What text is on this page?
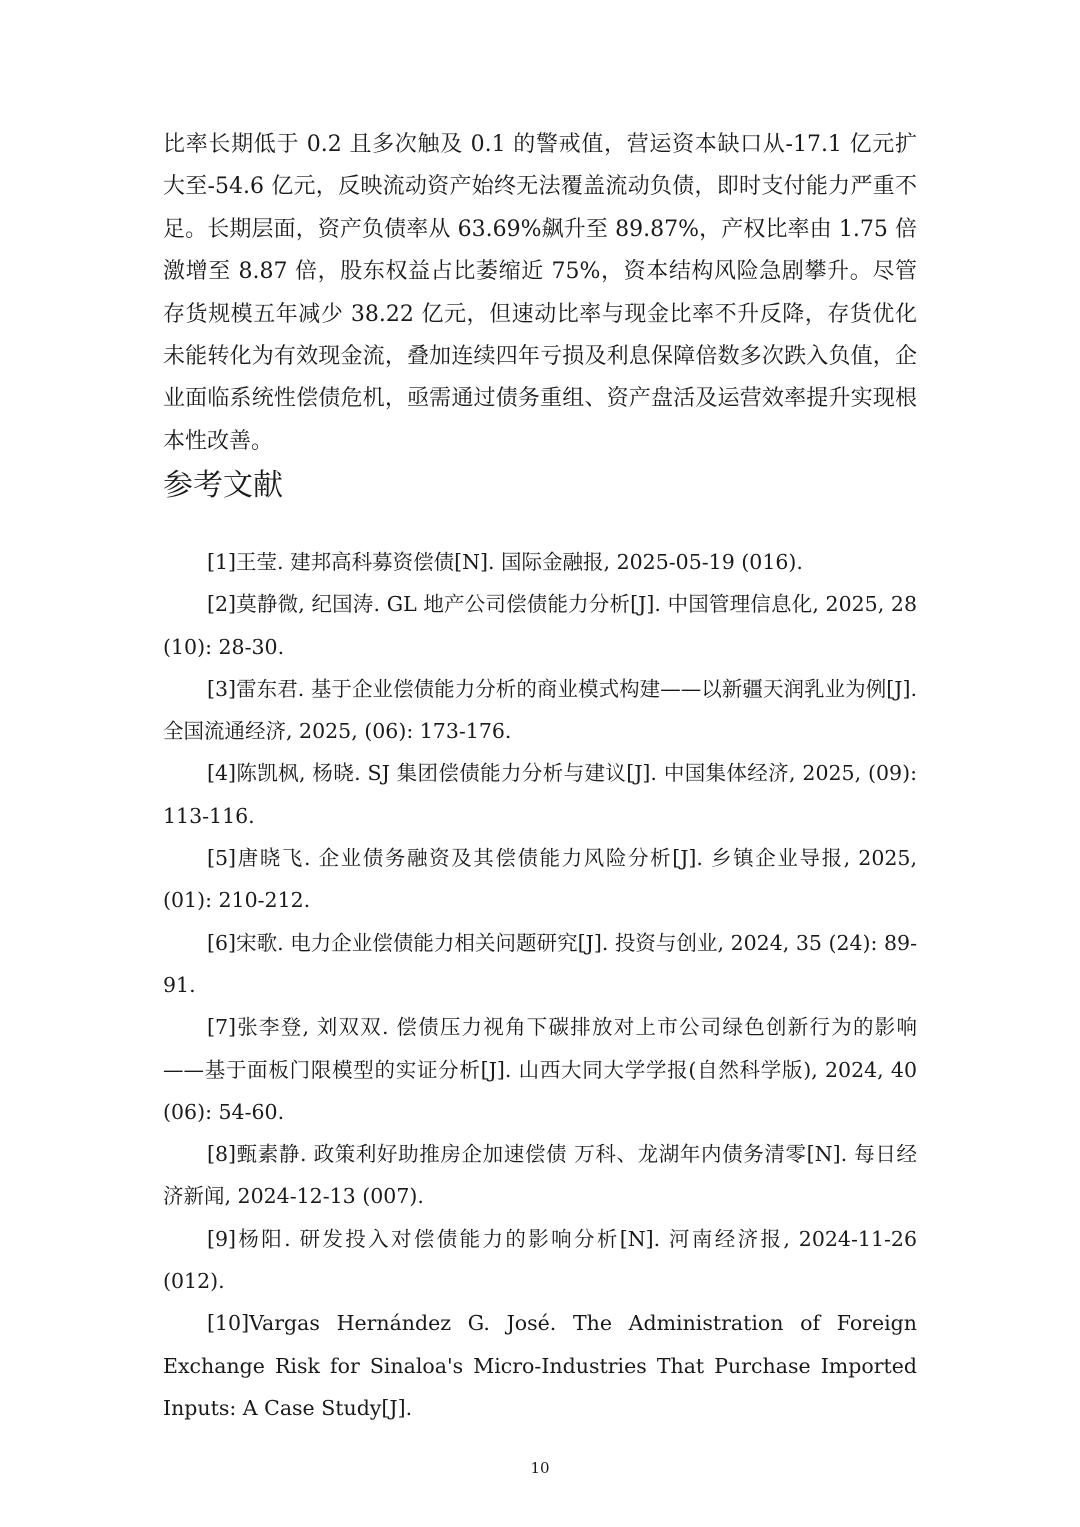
比率长期低于 0.2 且多次触及 0.1 的警戒值，营运资本缺口从-17.1 亿元扩大至-54.6 亿元，反映流动资产始终无法覆盖流动负债，即时支付能力严重不足。长期层面，资产负债率从 63.69%飙升至 89.87%，产权比率由 1.75 倍激增至 8.87 倍，股东权益占比萎缩近 75%，资本结构风险急剧攀升。尽管存货规模五年减少 38.22 亿元，但速动比率与现金比率不升反降，存货优化未能转化为有效现金流，叠加连续四年亏损及利息保障倍数多次跌入负值，企业面临系统性偿债危机，亟需通过债务重组、资产盘活及运营效率提升实现根本性改善。

参考文献
[1]王莹. 建邦高科募资偿债[N]. 国际金融报, 2025-05-19 (016).
[2]莫静微, 纪国涛. GL 地产公司偿债能力分析[J]. 中国管理信息化, 2025, 28 (10): 28-30.
[3]雷东君. 基于企业偿债能力分析的商业模式构建——以新疆天润乳业为例[J]. 全国流通经济, 2025, (06): 173-176.
[4]陈凯枫, 杨晓. SJ 集团偿债能力分析与建议[J]. 中国集体经济, 2025, (09): 113-116.
[5]唐晓飞. 企业债务融资及其偿债能力风险分析[J]. 乡镇企业导报, 2025, (01): 210-212.
[6]宋歌. 电力企业偿债能力相关问题研究[J]. 投资与创业, 2024, 35 (24): 89-91.
[7]张李登, 刘双双. 偿债压力视角下碳排放对上市公司绿色创新行为的影响——基于面板门限模型的实证分析[J]. 山西大同大学学报(自然科学版), 2024, 40 (06): 54-60.
[8]甄素静. 政策利好助推房企加速偿债 万科、龙湖年内债务清零[N]. 每日经济新闻, 2024-12-13 (007).
[9]杨阳. 研发投入对偿债能力的影响分析[N]. 河南经济报, 2024-11-26 (012).
[10]Vargas Hernández G. José. The Administration of Foreign Exchange Risk for Sinaloa's Micro-Industries That Purchase Imported Inputs: A Case Study[J].
10
